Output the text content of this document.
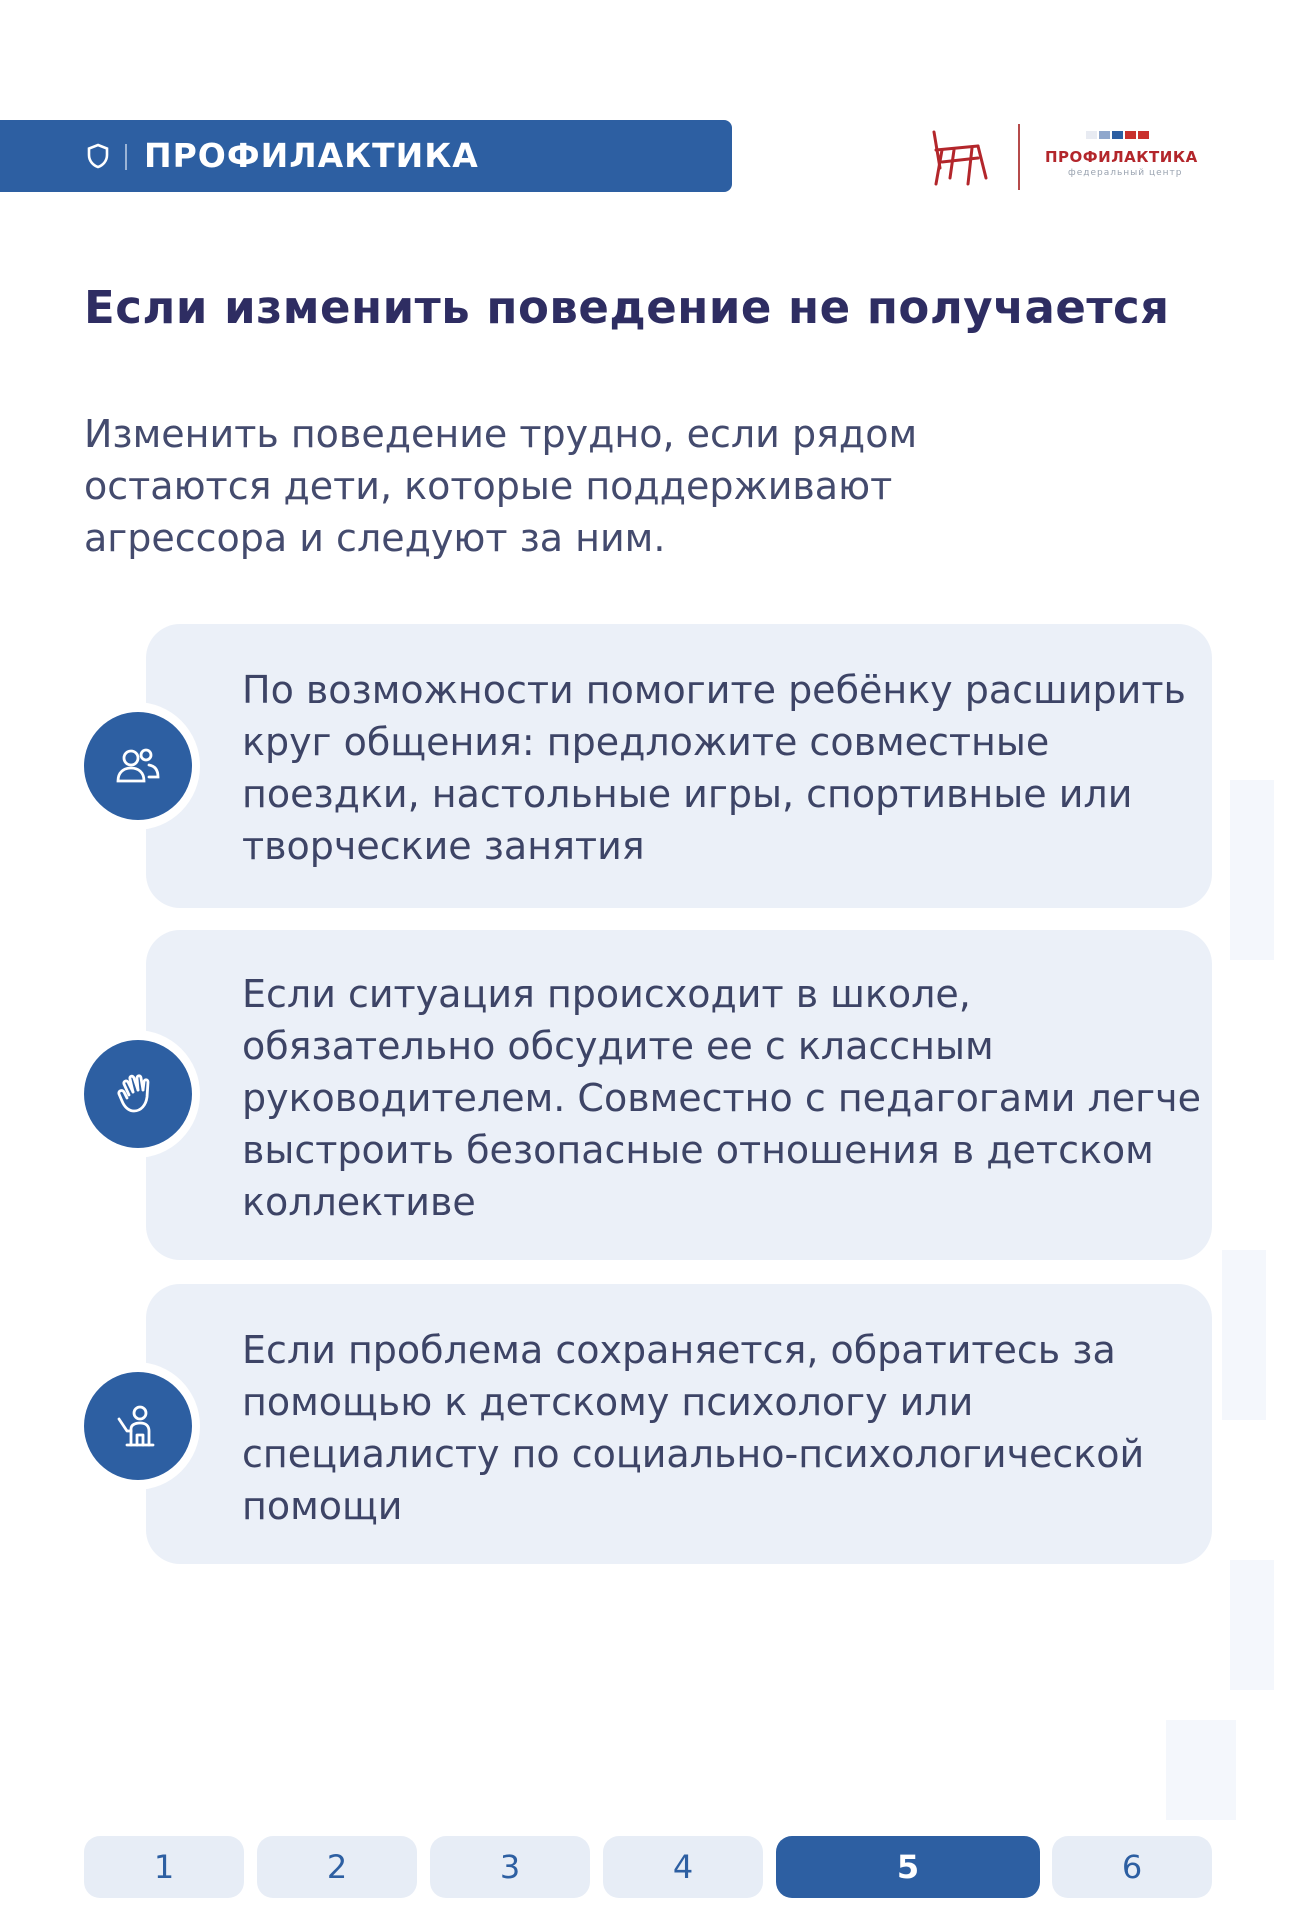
ПРОФИЛАКТИКА	ПРОФИЛАКТИКА
федеральный центр
Если изменить поведение не получается

Изменить поведение трудно, если рядом остаются дети, которые поддерживают агрессора и следуют за ним.

По возможности помогите ребёнку расширить круг общения: предложите совместные поездки, настольные игры, спортивные или творческие занятия

Если ситуация происходит в школе, обязательно обсудите ее с классным руководителем. Совместно с педагогами легче выстроить безопасные отношения в детском коллективе

Если проблема сохраняется, обратитесь за помощью к детскому психологу или специалисту по социально-психологической помощи

1	2	3	4	5	6
